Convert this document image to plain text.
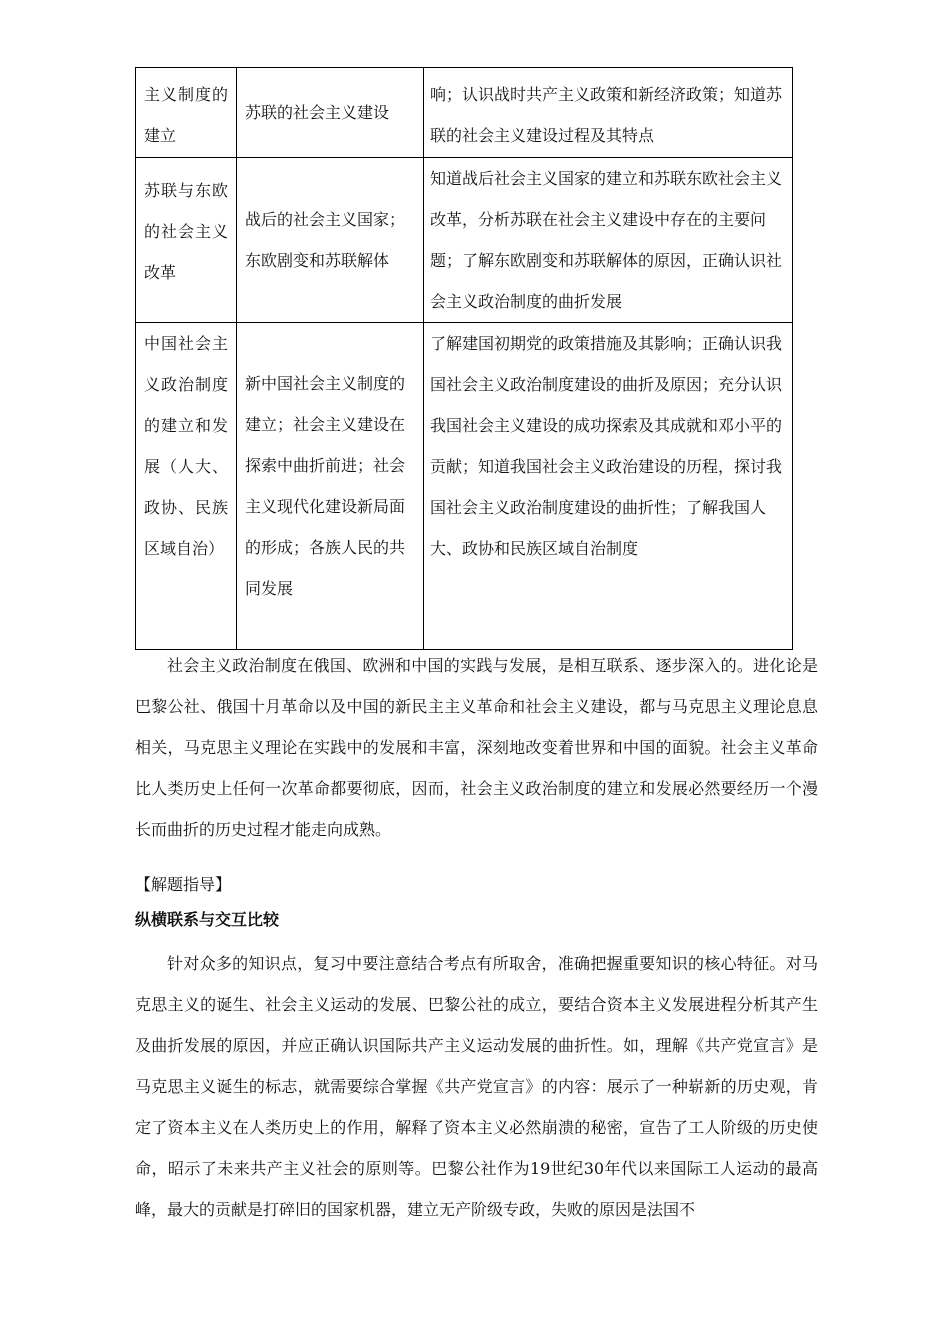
主义制度的建立	苏联的社会主义建设	响；认识战时共产主义政策和新经济政策；知道苏联的社会主义建设过程及其特点

苏联与东欧的社会主义改革	战后的社会主义国家；东欧剧变和苏联解体	知道战后社会主义国家的建立和苏联东欧社会主义改革，分析苏联在社会主义建设中存在的主要问题；了解东欧剧变和苏联解体的原因，正确认识社会主义政治制度的曲折发展

中国社会主义政治制度的建立和发展（人大、政协、民族区域自治）	新中国社会主义制度的建立；社会主义建设在探索中曲折前进；社会主义现代化建设新局面的形成；各族人民的共同发展	了解建国初期党的政策措施及其影响；正确认识我国社会主义政治制度建设的曲折及原因；充分认识我国社会主义建设的成功探索及其成就和邓小平的贡献；知道我国社会主义政治建设的历程，探讨我国社会主义政治制度建设的曲折性；了解我国人大、政协和民族区域自治制度

社会主义政治制度在俄国、欧洲和中国的实践与发展，是相互联系、逐步深入的。进化论是巴黎公社、俄国十月革命以及中国的新民主主义革命和社会主义建设，都与马克思主义理论息息相关，马克思主义理论在实践中的发展和丰富，深刻地改变着世界和中国的面貌。社会主义革命比人类历史上任何一次革命都要彻底，因而，社会主义政治制度的建立和发展必然要经历一个漫长而曲折的历史过程才能走向成熟。

【解题指导】
纵横联系与交互比较

针对众多的知识点，复习中要注意结合考点有所取舍，准确把握重要知识的核心特征。对马克思主义的诞生、社会主义运动的发展、巴黎公社的成立，要结合资本主义发展进程分析其产生及曲折发展的原因，并应正确认识国际共产主义运动发展的曲折性。如，理解《共产党宣言》是马克思主义诞生的标志，就需要综合掌握《共产党宣言》的内容：展示了一种崭新的历史观，肯定了资本主义在人类历史上的作用，解释了资本主义必然崩溃的秘密，宣告了工人阶级的历史使命，昭示了未来共产主义社会的原则等。巴黎公社作为19世纪30年代以来国际工人运动的最高峰，最大的贡献是打碎旧的国家机器，建立无产阶级专政，失败的原因是法国不
